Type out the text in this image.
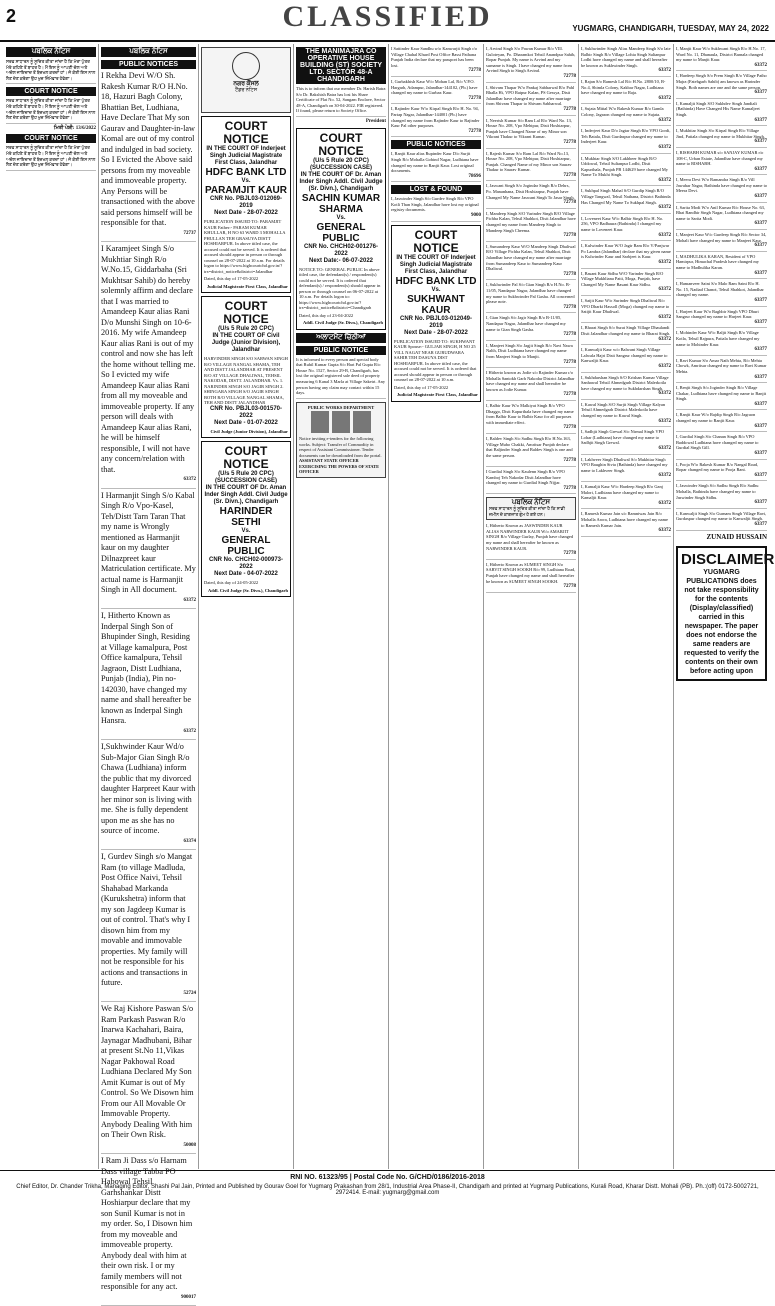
2	CLASSIFIED	YUGMARG, CHANDIGARH, TUESDAY, MAY 24, 2022
ਪਬਲਿਕ ਨੋਟਿਸ
ਸਰਵ ਸਾਧਾਰਨ ਨੂੰ ਸੂਚਿਤ ਕੀਤਾ ਜਾਂਦਾ ਹੈ ਕਿ ਮੇਰਾ ਪੁੱਤਰ ਮੇਰੇ ਕਹਿਣੇ ਤੋਂ ਬਾਹਰ ਹੈ। ਮੈਂ ਇਸ ਨੂੰ ਆਪਣੀ ਚੱਲ ਅਤੇ ਅਚੱਲ ਜਾਇਦਾਦ ਤੋਂ ਬੇਦਖਲ ਕਰਦਾ ਹਾਂ। ਜੋ ਕੋਈ ਇਸ ਨਾਲ ਲੈਣ ਦੇਣ ਕਰੇਗਾ ਉਹ ਖੁਦ ਜ਼ਿੰਮੇਵਾਰ ਹੋਵੇਗਾ।
COURT NOTICE
ਸਰਵ ਸਾਧਾਰਨ ਨੂੰ ਸੂਚਿਤ ਕੀਤਾ ਜਾਂਦਾ ਹੈ ਕਿ ਮੇਰਾ ਪੁੱਤਰ ਮੇਰੇ ਕਹਿਣੇ ਤੋਂ ਬਾਹਰ ਹੈ। ਮੈਂ ਇਸ ਨੂੰ ਆਪਣੀ ਚੱਲ ਅਤੇ ਅਚੱਲ ਜਾਇਦਾਦ ਤੋਂ ਬੇਦਖਲ ਕਰਦਾ ਹਾਂ। ਜੋ ਕੋਈ ਇਸ ਨਾਲ ਲੈਣ ਦੇਣ ਕਰੇਗਾ ਉਹ ਖੁਦ ਜ਼ਿੰਮੇਵਾਰ ਹੋਵੇਗਾ।
ਮਿਤੀ ਪੇਸ਼ੀ: 13/6/2022
COURT NOTICE
ਸਰਵ ਸਾਧਾਰਨ ਨੂੰ ਸੂਚਿਤ ਕੀਤਾ ਜਾਂਦਾ ਹੈ ਕਿ ਮੇਰਾ ਪੁੱਤਰ ਮੇਰੇ ਕਹਿਣੇ ਤੋਂ ਬਾਹਰ ਹੈ। ਮੈਂ ਇਸ ਨੂੰ ਆਪਣੀ ਚੱਲ ਅਤੇ ਅਚੱਲ ਜਾਇਦਾਦ ਤੋਂ ਬੇਦਖਲ ਕਰਦਾ ਹਾਂ। ਜੋ ਕੋਈ ਇਸ ਨਾਲ ਲੈਣ ਦੇਣ ਕਰੇਗਾ ਉਹ ਖੁਦ ਜ਼ਿੰਮੇਵਾਰ ਹੋਵੇਗਾ।
ਪਬਲਿਕ ਨੋਟਿਸ
PUBLIC NOTICES
I Rekha Devi W/O Sh. Rakesh Kumar R/O H.No. 18, Hazuri Bagh Colony, Bhattian Bet, Ludhiana, Have Declare That My son Gaurav and Daughter-in-law Komal are out of my control and indulged in bad society. So I Evicted the Above said persons from my moveable and immoveable property. Any Persons will be transactioned with the above said persons himself will be responsible for that.
72737
I Karamjeet Singh S/o Mukhtiar Singh R/o W.No.15, Giddarbaha (Sri Mukhtsar Sahib) do hereby solemnly affirm and declare that I was married to Amandeep Kaur alias Rani D/o Munshi Singh on 10-6-2016. My wife Amandeep Kaur alias Rani is out of my control and now she has left the home without telling me. So I evicted my wife Amandeep Kaur alias Rani from all my moveable and immoveable property. If any person will deals with Amandeep Kaur alias Rani, he will be himself responsible, I will not have any concern/relation with that.
63372
I Harmanjit Singh S/o Kabal Singh R/o Vpo-Kasel, Teh/Distt Tarn Taran That my name is Wrongly mentioned as Harmanjit kaur on my daughter Dilnazpreet kaur Matriculation certificate. My actual name is Harmanjit Singh in All document.
63372
I, Hitherto Known as Inderpal Singh Son of Bhupinder Singh, Residing at Village kamalpura, Post Office kamalpura, Tehsil Jagraon, Distt Ludhiana, Punjab (India), Pin no-142030, have changed my name and shall hereafter be known as Inderpal Singh Hansra.
63372
I,Sukhwinder Kaur Wd/o Sub-Major Gian Singh R/o Chawa (Ludhiana) inform the public that my divorced daughter Harpreet Kaur with her minor son is living with me. She is fully dependent upon me as she has no source of income.
63374
I, Gurdev Singh s/o Mangat Ram (to village Madluda, Post Office Naivi, Tehsil Shahabad Markanda (Kurukshetra) inform that my son Jagdeep Kumar is out of control. That's why I disown him from my movable and immovable properties. My family will not be responsible for his actions and transactions in future.
52724
We Raj Kishore Paswan S/o Ram Parkash Paswan R/o Inarwa Kachahari, Baira, Jaynagar Madhubani, Bihar at present St.No 11,Vikas Nagar Pakhowal Road Ludhiana Declared My Son Amit Kumar is out of My Control. So We Disown him From our All Movable Or Immovable Property. Anybody Dealing With him on Their Own Risk.
50008
I Ram Ji Dass s/o Harnam Dass village Tabba PO Habowal Tehsil Garhshankar Distt Hoshiarpur declare that my son Sunil Kumar is not in my order. So, I Disown him from my moveable and immoveable property. Anybody deal with him at their own risk. I or my family members will not responsible for any act.
900017
ਨਗਰ ਕੌਂਸਲ
ਟੈਂਡਰ ਨੋਟਿਸ
COURT NOTICE
IN THE COURT OF Inderjeet Singh Judicial Magistrate First Class, Jalandhar
HDFC BANK LTD
Vs.
PARAMJIT KAUR
CNR No. PBJL03-012069-2019
Next Date - 28-07-2022
PUBLICATION ISSUED TO: PARAMJIT KAUR Father:- PARAM KUMAR KHULLAR, H NO 63 WARD 3 MOHALLA PHULLAN TEH GRASUYA DISTT HOSHIARPUR. In above titled case, the accused could not be served. It is ordered that accused should appear in person or through counsel on 28-07-2022 at 10 a.m. For details logon to https://www.highcourtchd.gov.in/?trs=district_notice&district=Jalandhar
Dated, this day of 17-05-2022
Judicial Magistrate First Class, Jalandhar
COURT NOTICE
(U/s 5 Rule 20 CPC)
IN THE COURT OF Civil Judge (Junior Division), Jalandhar
HARVINDER SINGH S/O SARWAN SINGH R/O VILLAGE NANGAL SHAMA, TEH AND DISTT JALANDHAR AT PRESENT R/O AT VILLAGE DHALIWAL, TEHSIL NAKODAR, DISTT. JALANDHAR. Vs. 1. NARINDER SINGH S/O JAGIR SINGH 2. SHINGARA SINGH S/O JAGIR SINGH BOTH R/O VILLAGE NANGAL SHAMA, TEH AND DISTT JALANDHAR
CNR No. PBJL03-001570-2022
Next Date - 01-07-2022
Civil Judge (Junior Division), Jalandhar
COURT NOTICE
(U/s 5 Rule 20 CPC) (SUCCESSION CASE)
IN THE COURT OF Dr. Aman Inder Singh Addl. Civil Judge (Sr. Divn.), Chandigarh
HARINDER SETHI
Vs.
GENERAL PUBLIC
CNR No. CHCH02-000973-2022
Next Date - 04-07-2022
Dated, this day of 24-05-2022
Addl. Civil Judge (Sr. Divn.), Chandigarh
THE MANIMAJRA CO OPERATIVE HOUSE BUILDING (ST) SOCIETY LTD. SECTOR 48-A CHANDIGARH
This is to inform that our member Dr. Harish Batra S/o Dr. Bakshish Batra has lost his Share Certificate of Flat No. 52, Sangam Enclave, Sector 48-A, Chandigarh on 30-04-2022. FIR registered. If found, please return to Society Office.
President
COURT NOTICE
(U/s 5 Rule 20 CPC) (SUCCESSION CASE)
IN THE COURT OF Dr. Aman Inder Singh Addl. Civil Judge (Sr. Divn.), Chandigarh
SACHIN KUMAR SHARMA
Vs.
GENERAL PUBLIC
CNR No. CHCH02-001276-2022
Next Date:- 06-07-2022
NOTICE TO: GENERAL PUBLIC In above titled case, the defendant(s) / respondent(s) could not be served. It is ordered that defendant(s) / respondent(s) should appear in person or through counsel on 06-07-2022 at 10 a.m. For details logon to: https://www.highcourtchd.gov.in/?trs=district_notice&district=Chandigarh
Dated, this day of 23-04-2022
Addl. Civil Judge (Sr. Divn.), Chandigarh
ਅਲਾਟਮੈਂਟ ਚਿੱਠੀਆਂ
PUBLIC NOTICE
It is informed to every person and special body that Ruhil Kumar Gupta S/o Hari Pal Gupta R/o House No. 1527, Sector 29-B, Chandigarh, has lost the original registered sale deed of property measuring 6 Kanal 3 Marla at Village Saketri. Any person having any claim may contact within 15 days.
PUBLIC WORKS DEPARTMENT

Notice inviting e-tenders for the following works. Subject: Transfer of Commodity in respect of Assistant Commissioner. Tender documents can be downloaded from the portal.
ASSISTANT STATE OFFICER EXERCISING THE POWERS OF STATE OFFICER
I Sattinder Kaur Sandhu w/o Kanwarjit Singh r/o Village Chahal Khurd Post Office Bassi Pathana Punjab India declare that my passport has been lost.
72778
I, Gurbakhish Kaur W/o Mohan Lal, R/o V.P.O. Hargarh, Adampur, Jalandhar-144102, (Pb.) have changed my name to Gurbax Kaur.
72778
I, Rajinder Kaur W/o Kirpal Singh R/o H. No. 94, Partap Nagar, Jalandhar-144001 (Pb.) have changed my name from Rajinder Kaur to Rajinder Kaur Pal other purposes.
72778
PUBLIC NOTICES
I, Ranjit Kaur alias Rupinder Kaur D/o Surjit Singh R/o Mohalla Gobind Nagar, Ludhiana have changed my name to Ranjit Kaur. Lost original documents.
78696
LOST & FOUND
I, Jaswinder Singh S/o Gurdev Singh R/o VPO Kotli Than Singh, Jalandhar have lost my original registry documents.
9000
COURT NOTICE
IN THE COURT OF Inderjeet Singh Judicial Magistrate First Class, Jalandhar
HDFC BANK LTD
Vs.
SUKHWANT KAUR
CNR No. PBJL03-012049-2019
Next Date - 28-07-2022
PUBLICATION ISSUED TO: SUKHWANT KAUR Spouse:- GULJAR SINGH, H NO 25 VILL NAGAT NEAR GURUDWARA SAHIB TEH DASUYA DIST HOSHIARPUR. In above titled case, the accused could not be served. It is ordered that accused should appear in person or through counsel on 28-07-2022 at 10 a.m.
Dated, this day of 17-05-2022
Judicial Magistrate First Class, Jalandhar
I, Arvind Singh S/o Pawan Kumar R/o VIll. Guloteyan, Po. Dharamkot Tehsil Anandpur Sahib, Ropar Punjab. My name is Arvind and my surname is Singh. I have changed my name from Arvind Singh to Singh Arvind.
72778
I, Shivam Thapar W/o Pankaj Sabharwal R/o Pahl Bhalla Hi, VPO Raipur Kalan, PS Gessya, Distt Jalandhar have changed my name after marriage from Shivam Thapar to Shivam Sabharwal.
72778
I, Neerish Kumar S/o Ram Lal R/o Ward No. 13, House No. 208, Vpo Mehtpur, Distt Hoshiarpur, Punjab have Changed Name of my Minor son Vikrant Thakur to Vikrant Kumar.
72778
I, Rajesh Kumar S/o Ram Lal R/o Ward No.13, House No. 208, Vpo Mehtpur, Distt Hoshiarpur, Punjab. Changed Name of my Minor son Saurav Thakur to Saurav Kumar.
72778
I, Jaswant Singh S/o Jogindar Singh R/o Dehrs, Po. Mananhana, Distt Hoshiarpur, Punjab have Changed My Name Jaswant Singh To Jasar Singh.
72778
I, Mandeep Singh S/O Varinder Singh R/O Village Pichha Kalan, Tehsil Shahkot, Distt Jalandhar have changed my name from Mandeep Singh to Mandeep Singh Cheema.
72778
I, Sumandeep Kaur W/O Mandeep Singh Dhaliwal R/O Village Pichha Kalan, Tehsil Shahkot, Distt Jalandhar have changed my name after marriage from Sumandeep Kaur to Sumandeep Kaur Dhaliwal.
72778
I, Sukhwinder Pal S/o Gian Singh R/o H.No. B-11/05, Nandapur Nagar, Jalandhar have changed my name to Sukhwinder Pal Gasha. All concerned please note.
72778
I, Gian Singh S/o Jagir Singh R/o B-11/05, Nandapur Nagar, Jalandhar have changed my name to Gian Singh Gasha.
72778
I, Manjeet Singh S/o Jagjit Singh R/o Navi Nawa Nalth, Distt Ludhiana have changed my name from Manjeet Singh to Manjit.
72778
I Hitherto known as Jodie s/o Rajinder Kumar r/o Mohalla Santokh Garh Nakodar District Jalandhar have changed my name and shall hereafter be known as Jodie Kumar.
72778
I, Balbir Kaur W/o Malkiyat Singh R/o VPO Dhaggo, Distt Kapurthala have changed my name from Balbir Kaur to Balbir Kaur for all purposes with immediate effect.
72778
I, Baldev Singh S/o Sadhu Singh R/o H.No.163, Village Mubo Chakki, Amritsar Punjab declare that Baljinder Singh and Baldev Singh is one and the same person.
72778
I Gurdial Singh S/o Kaulenn Singh R/o VPO Kamboj Teh Nakodar Distt Jalandhar have changed my name to Gurdial Singh Nijjar.
72778
ਪਬਲਿਕ ਨੋਟਿਸ
ਸਰਵ ਸਾਧਾਰਨ ਨੂੰ ਸੂਚਿਤ ਕੀਤਾ ਜਾਂਦਾ ਹੈ ਕਿ ਸਾਡੀ ਜ਼ਮੀਨ ਦੇ ਕਾਗਜ਼ਾਤ ਗੁੰਮ ਹੋ ਗਏ ਹਨ।
I, Hitherto Known as JASWINDER KAUR ALIAS NARWINDER KAUR W/o AMARJIT SINGH R/o Village Gurlay, Punjab have changed my name and shall hereafter be known as NARWINDER KAUR.
72778
I, Hitherto Known as SUMEET SINGH S/o SARVIT SINGH SOOKH R/o 99, Ludhiana Road, Punjab have changed my name and shall hereafter be known as SUMEET SINGH SOOKH.
72778
I, Sukhwinder Singh Alias Mandeep Singh S/o late Balbir Singh R/o Village Lohia Singh Sultanpur Lodhi have changed my name and shall hereafter be known as Sukhwinder Singh.
63372
I, Rajan S/o Ramesh Lal R/o H.No. 2800/10, B-No.4, Shimla Colony, Kakbar Nagar, Ludhiana have changed my name to Raja.
63372
I, Sujata Mittal W/o Rakesh Kumar R/o Gamla Colony, Jagraon changed my name to Sujata.
63372
I, Inderjeet Kaur D/o Jagtar Singh R/o VPO Gordi, Teh Batala, Distt Gurdaspur changed my name to Inderjeet Kaur.
63372
I, Mukhtar Singh S/O Lakhbeer Singh R/O Uddowal, Tehsil Sultanpur Lodhi, Distt Kapurthala, Punjab PB 144629 have changed My Name To Mukhi Singh.
63372
I, Sukhpal Singh Mahal S/O Gurdip Singh R/O Village Tangwal, Tehsil Nathana, District Bathinda Has Changed My Name To Sukhpal Singh.
63372
I, Loveneet Kaur W/o Balbir Singh R/o H. No. 256, VPO Badhaura (Bathinda) I changed my name to Loveneet Kaur.
63372
I, Kulwinder Kaur W/O Jagir Ram R/o V/Panjwar Po Lambra (Jalandhar) declare that my given name is Kulwinder Kaur and Sarbjeet is Kaur.
63372
I, Basant Kaur Sidhu W/O Varinder Singh R/O Village Mukhliana Patti, Moga, Punjab, have Changed My Name Basant Kaur Sidhu.
63372
I, Satjit Kaur W/o Surinder Singh Dhaliwal R/o VPO Dharki Hassoll (Moga) changed my name to Satijit Kaur Dhaliwal.
63372
I, Bharat Singh S/o Surat Singh Village Dhaulandi Distt Jalandhar changed my name to Bharat Singh.
63372
I, Kanwaljit Kaur w/o Balwant Singh Village Lalwala Hajri Distt Sangrur changed my name to Kanwaljit Kaur.
63372
I, Sukhdarshan Singh S/O Krishan Kumar Village Sanhawal Tehsil Ahmedgarh District Malerkotla have changed my name to Sukhdarshan Singh.
63372
I, Kawal Singh S/O Surjit Singh Village Kalyan Tehsil Ahmedgarh District Malerkotla have changed my name to Kawal Singh.
63372
I, Sadhjit Singh Grewal S/o Nirmal Singh VPO Lohar (Ludhiana) have changed my name to Sadhjit Singh Grewal.
63372
I, Lakhveer Singh Dhaliwal S/o Mukhtiar Singh VPO Baughin Sivia (Bathinda) have changed my name to Lakhveer Singh.
63372
I, Kamaljit Kaur W/o Hardeep Singh R/o Ganj Malori, Ludhiana have changed my name to Kamaljit Kaur.
63372
I, Ramesh Kumar Jain s/o Ramniwas Jain R/o Mohalla Arora, Ludhiana have changed my name to Ramesh Kumar Jain.
63372
I, Manjit Kaur W/o Sukhwant Singh R/o H.No. 17, Ward No. 11, Dhanaula, District Barnala changed my name to Manjit Kaur.
63372
I, Hardeep Singh S/o Prem Singh R/o Village Patho Majra (Fatehgarh Sahib) am known as Harinder Singh. Both names are one and the same person.
63377
I, Kamaljit Singh S/O Sukhdev Singh Jandiali (Bathinda) Have Changed His Name Kamaljeet Singh.
63377
I, Mukhtiar Singh S/o Kirpal Singh R/o Village Jind, Patiala changed my name to Mukhtiar Singh.
63377
I, RISHABH KUMAR s/o SANJAY KUMAR r/o 108-C, Urban Estate, Jalandhar have changed my name to RISHABH.
63377
I, Meera Devi W/o Ramandra Singh R/o Vill Jawahar Nagar, Bathinda have changed my name to Meera Devi.
63377
I, Sarita Modi W/o Anil Kumar R/o House No. 63, Bhai Randhir Singh Nagar, Ludhiana changed my name to Sarita Modi.
63377
I, Manjeet Kaur W/o Gurdeep Singh R/o Sector 34, Mohali have changed my name to Manjeet Kaur.
63377
I, MADHULIKA KARAN, Resident of VPO Hamirpur, Himachal Pradesh have changed my name to Madhulika Karan.
63377
I, Hamanveer Saini S/o Malo Ram Saini R/o H. No. 15, Nadiad Chanot, Tehsil Shahkot, Jalandhar changed my name.
63377
I, Harjeet Kaur W/o Raghbir Singh VPO Dhuri Sangrur changed my name to Harjeet Kaur.
63377
I, Mohinder Kaur W/o Baljit Singh R/o Village Kotla, Tehsil Rajpura, Patiala have changed my name to Mohinder Kaur.
63377
I, Ravi Kumar S/o Amar Nath Mehta, R/o Mehta Chowk, Amritsar changed my name to Ravi Kumar Mehta.
63377
I, Benjit Singh S/o Joginder Singh R/o Village Chakar, Ludhiana have changed my name to Banjit Singh.
63377
I, Ranjit Kaur W/o Rajdip Singh R/o Jagraon changed my name to Ranjit Kaur.
63377
I, Gurdial Singh S/o Chanan Singh R/o VPO Baddowal Ludhiana have changed my name to Gurdial Singh Gill.
63377
I, Pooja W/o Rakesh Kumar R/o Nangal Road, Ropar changed my name to Pooja Rani.
63377
I, Jaswinder Singh S/o Sadhu Singh R/o Sadhu Mohalla, Bathinda have changed my name to Jaswinder Singh Sidhu.
63377
I, Kanwaljit Singh S/o Gurnam Singh Village Ravi, Gurdaspur changed my name to Kanwaljit Singh.
63377
ZUNAID HUSSAIN
DISCLAIMER
YUGMARG PUBLICATIONS does not take responsibility for the contents (Display/classified) carried in this newspaper. The paper does not endorse the same readers are requested to verify the contents on their own before acting upon
RNI NO. 61323/95 | Postal Code No. G/CHD/0186/2016-2018
Chief Editor, Dr. Chander Trikha, Managing Editor, Shashi Pal Jain, Printed and Published by Gourav Goel for Yugmarg Prakashan from 28/1, Industrial Area Phase-II, Chandigarh and printed at Yugmarg Publications, Kurali Road, Kharar Distt. Mohali (PB). Ph.:(off) 0172-5002721, 2972414. E-mail: yugmarg@gmail.com
